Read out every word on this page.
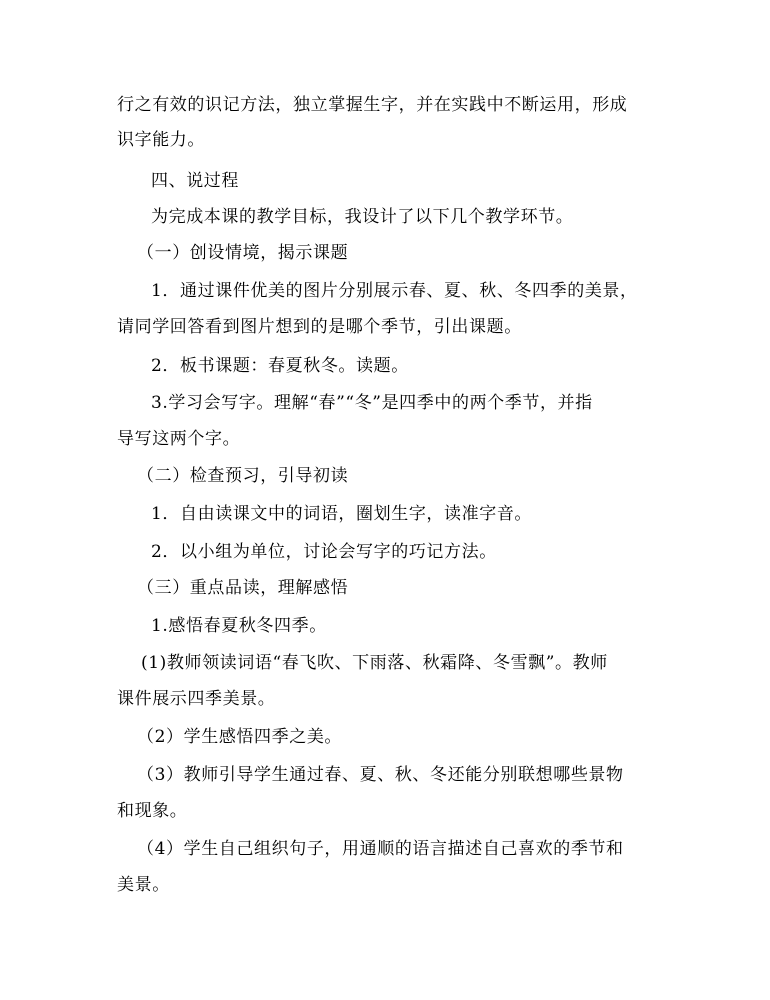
行之有效的识记方法，独立掌握生字，并在实践中不断运用，形成
识字能力。
四、说过程
为完成本课的教学目标，我设计了以下几个教学环节。
（一）创设情境，揭示课题
1．通过课件优美的图片分别展示春、夏、秋、冬四季的美景，
请同学回答看到图片想到的是哪个季节，引出课题。
2．板书课题：春夏秋冬。读题。
3.学习会写字。理解“春”“冬”是四季中的两个季节，并指
导写这两个字。
（二）检查预习，引导初读
1．自由读课文中的词语，圈划生字，读准字音。
2．以小组为单位，讨论会写字的巧记方法。
（三）重点品读，理解感悟
1.感悟春夏秋冬四季。
(1)教师领读词语“春飞吹、下雨落、秋霜降、冬雪飘”。教师
课件展示四季美景。
（2）学生感悟四季之美。
（3）教师引导学生通过春、夏、秋、冬还能分别联想哪些景物
和现象。
（4）学生自己组织句子，用通顺的语言描述自己喜欢的季节和
美景。
